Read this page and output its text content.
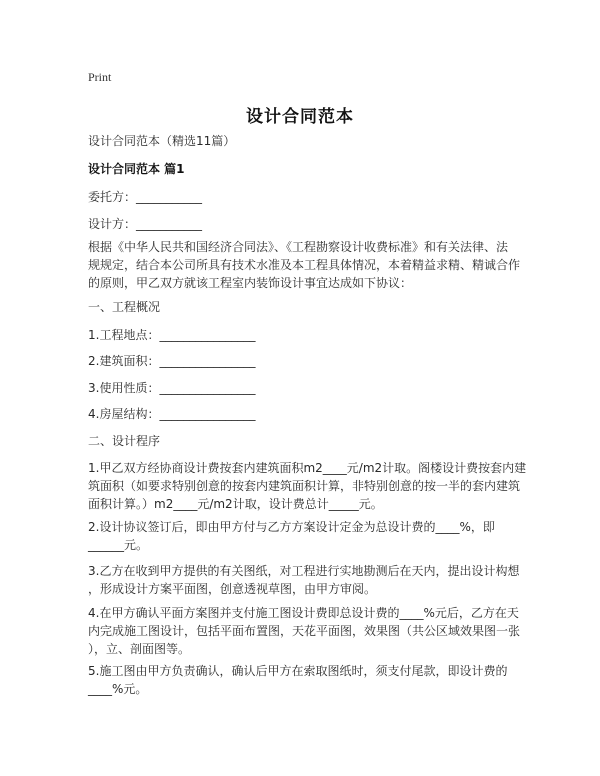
Print
设计合同范本
设计合同范本（精选11篇）
设计合同范本 篇1
委托方：___________
设计方：___________
根据《中华人民共和国经济合同法》、《工程勘察设计收费标准》和有关法律、法
规规定，结合本公司所具有技术水准及本工程具体情况，本着精益求精、精诚合作
的原则，甲乙双方就该工程室内装饰设计事宜达成如下协议：
一、工程概况
1.工程地点：________________
2.建筑面积：________________
3.使用性质：________________
4.房屋结构：________________
二、设计程序
1.甲乙双方经协商设计费按套内建筑面积m2____元/m2计取。阁楼设计费按套内建
筑面积（如要求特别创意的按套内建筑面积计算，非特别创意的按一半的套内建筑
面积计算。）m2____元/m2计取，设计费总计_____元。
2.设计协议签订后，即由甲方付与乙方方案设计定金为总设计费的____%，即
______元。
3.乙方在收到甲方提供的有关图纸，对工程进行实地勘测后在天内，提出设计构想
，形成设计方案平面图，创意透视草图，由甲方审阅。
4.在甲方确认平面方案图并支付施工图设计费即总设计费的____%元后，乙方在天
内完成施工图设计，包括平面布置图，天花平面图，效果图（共公区域效果图一张
），立、剖面图等。
5.施工图由甲方负责确认，确认后甲方在索取图纸时，须支付尾款，即设计费的
____%元。
